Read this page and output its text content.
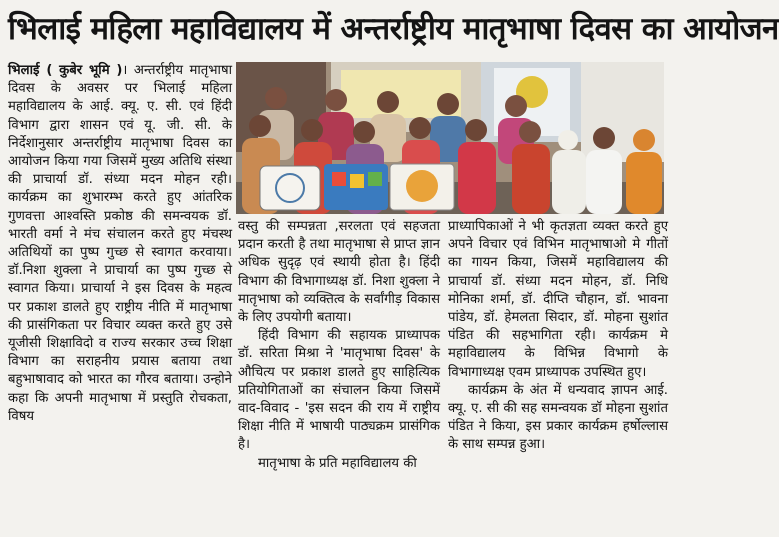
भिलाई महिला महाविद्यालय में अन्तर्राष्ट्रीय मातृभाषा दिवस का आयोजन
भिलाई ( कुबेर भूमि )। अन्तर्राष्ट्रीय मातृभाषा दिवस के अवसर पर भिलाई महिला महाविद्यालय के आई. क्यू. ए. सी. एवं हिंदी विभाग द्वारा शासन एवं यू. जी. सी. के निर्देशानुसार अन्तर्राष्ट्रीय मातृभाषा दिवस का आयोजन किया गया जिसमें मुख्य अतिथि संस्था की प्राचार्या डॉ. संध्या मदन मोहन रही। कार्यक्रम का शुभारम्भ करते हुए आंतरिक गुणवत्ता आश्वस्ति प्रकोष्ठ की समन्वयक डॉ. भारती वर्मा ने मंच संचालन करते हुए मंचस्थ अतिथियों का पुष्प गुच्छ से स्वागत करवाया। डॉ.निशा शुक्ला ने प्राचार्या का पुष्प गुच्छ से स्वागत किया। प्राचार्या ने इस दिवस के महत्व पर प्रकाश डालते हुए राष्ट्रीय नीति में मातृभाषा की प्रासंगिकता पर विचार व्यक्त करते हुए उसे यूजीसी शिक्षाविदो व राज्य सरकार उच्च शिक्षा विभाग का सराहनीय प्रयास बताया तथा बहुभाषावाद को भारत का गौरव बताया। उन्होने कहा कि अपनी मातृभाषा में प्रस्तुति रोचकता, विषय
वस्तु की सम्पन्नता ,सरलता एवं सहजता प्रदान करती है तथा मातृभाषा से प्राप्त ज्ञान अधिक सुदृढ़ एवं स्थायी होता है। हिंदी विभाग की विभागाध्यक्ष डॉ. निशा शुक्ला ने मातृभाषा को व्यक्तित्व के सर्वांगीड़ विकास के लिए उपयोगी बताया।
हिंदी विभाग की सहायक प्राध्यापक डॉ. सरिता मिश्रा ने 'मातृभाषा दिवस' के औचित्य पर प्रकाश डालते हुए साहित्यिक प्रतियोगिताओं का संचालन किया जिसमें वाद-विवाद - 'इस सदन की राय में राष्ट्रीय शिक्षा नीति में भाषायी पाठ्यक्रम प्रासंगिक है।
मातृभाषा के प्रति महाविद्यालय की
प्राध्यापिकाओं ने भी कृतज्ञता व्यक्त करते हुए अपने विचार एवं विभिन मातृभाषाओ मे गीतों का गायन किया, जिसमें महाविद्यालय की प्राचार्या डॉ. संध्या मदन मोहन, डॉ. निधि मोनिका शर्मा, डॉ. दीप्ति चौहान, डॉ. भावना पांडेय, डॉ. हेमलता सिदार, डॉ. मोहना सुशांत पंडित की सहभागिता रही। कार्यक्रम मे महाविद्यालय के विभिन्न विभागो के विभागाध्यक्ष एवम प्राध्यापक उपस्थित हुए।
कार्यक्रम के अंत में धन्यवाद ज्ञापन आई. क्यू. ए. सी की सह समन्वयक डॉ मोहना सुशांत पंडित ने किया, इस प्रकार कार्यक्रम हर्षोल्लास के साथ सम्पन्न हुआ।
